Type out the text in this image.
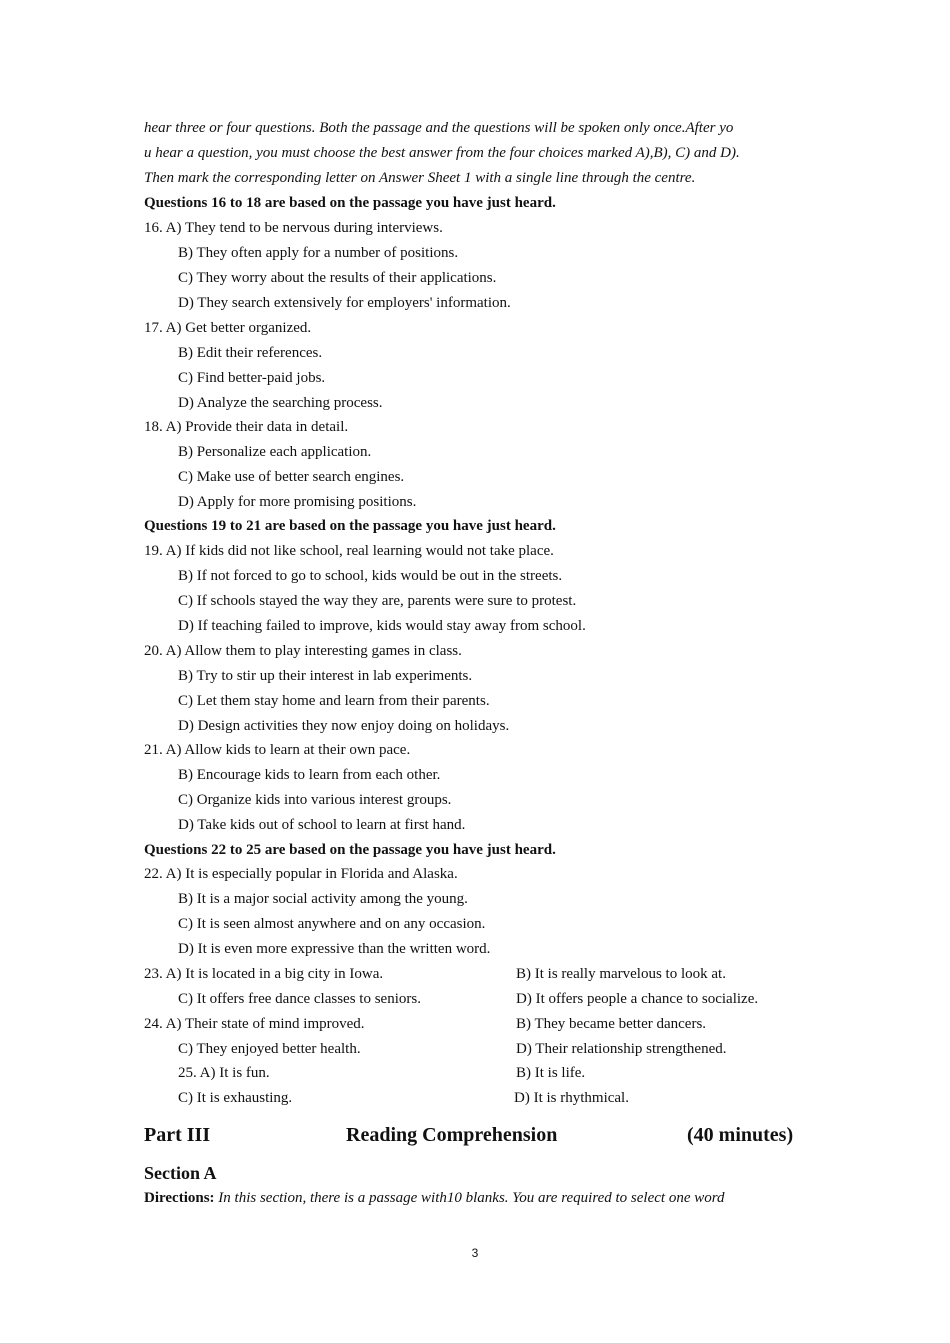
hear three or four questions. Both the passage and the questions will be spoken only once.After yo
u hear a question, you must choose the best answer from the four choices marked A),B), C) and D).
Then mark the corresponding letter on Answer Sheet 1 with a single line through the centre.
Questions 16 to 18 are based on the passage you have just heard.
16. A) They tend to be nervous during interviews.
B) They often apply for a number of positions.
C) They worry about the results of their applications.
D) They search extensively for employers' information.
17. A) Get better organized.
B) Edit their references.
C) Find better-paid jobs.
D) Analyze the searching process.
18. A) Provide their data in detail.
B) Personalize each application.
C) Make use of better search engines.
D) Apply for more promising positions.
Questions 19 to 21 are based on the passage you have just heard.
19. A) If kids did not like school, real learning would not take place.
B) If not forced to go to school, kids would be out in the streets.
C) If schools stayed the way they are, parents were sure to protest.
D) If teaching failed to improve, kids would stay away from school.
20. A) Allow them to play interesting games in class.
B) Try to stir up their interest in lab experiments.
C) Let them stay home and learn from their parents.
D) Design activities they now enjoy doing on holidays.
21. A) Allow kids to learn at their own pace.
B) Encourage kids to learn from each other.
C) Organize kids into various interest groups.
D) Take kids out of school to learn at first hand.
Questions 22 to 25 are based on the passage you have just heard.
22. A) It is especially popular in Florida and Alaska.
B) It is a major social activity among the young.
C) It is seen almost anywhere and on any occasion.
D) It is even more expressive than the written word.
23. A) It is located in a big city in Iowa.	B) It is really marvelous to look at.
C) It offers free dance classes to seniors.	D) It offers people a chance to socialize.
24. A) Their state of mind improved.	B) They became better dancers.
C) They enjoyed better health.	D) Their relationship strengthened.
25. A) It is fun.	B) It is life.
C) It is exhausting.	D) It is rhythmical.
Part III	Reading Comprehension	(40 minutes)
Section A
Directions: In this section, there is a passage with10 blanks. You are required to select one word
3
